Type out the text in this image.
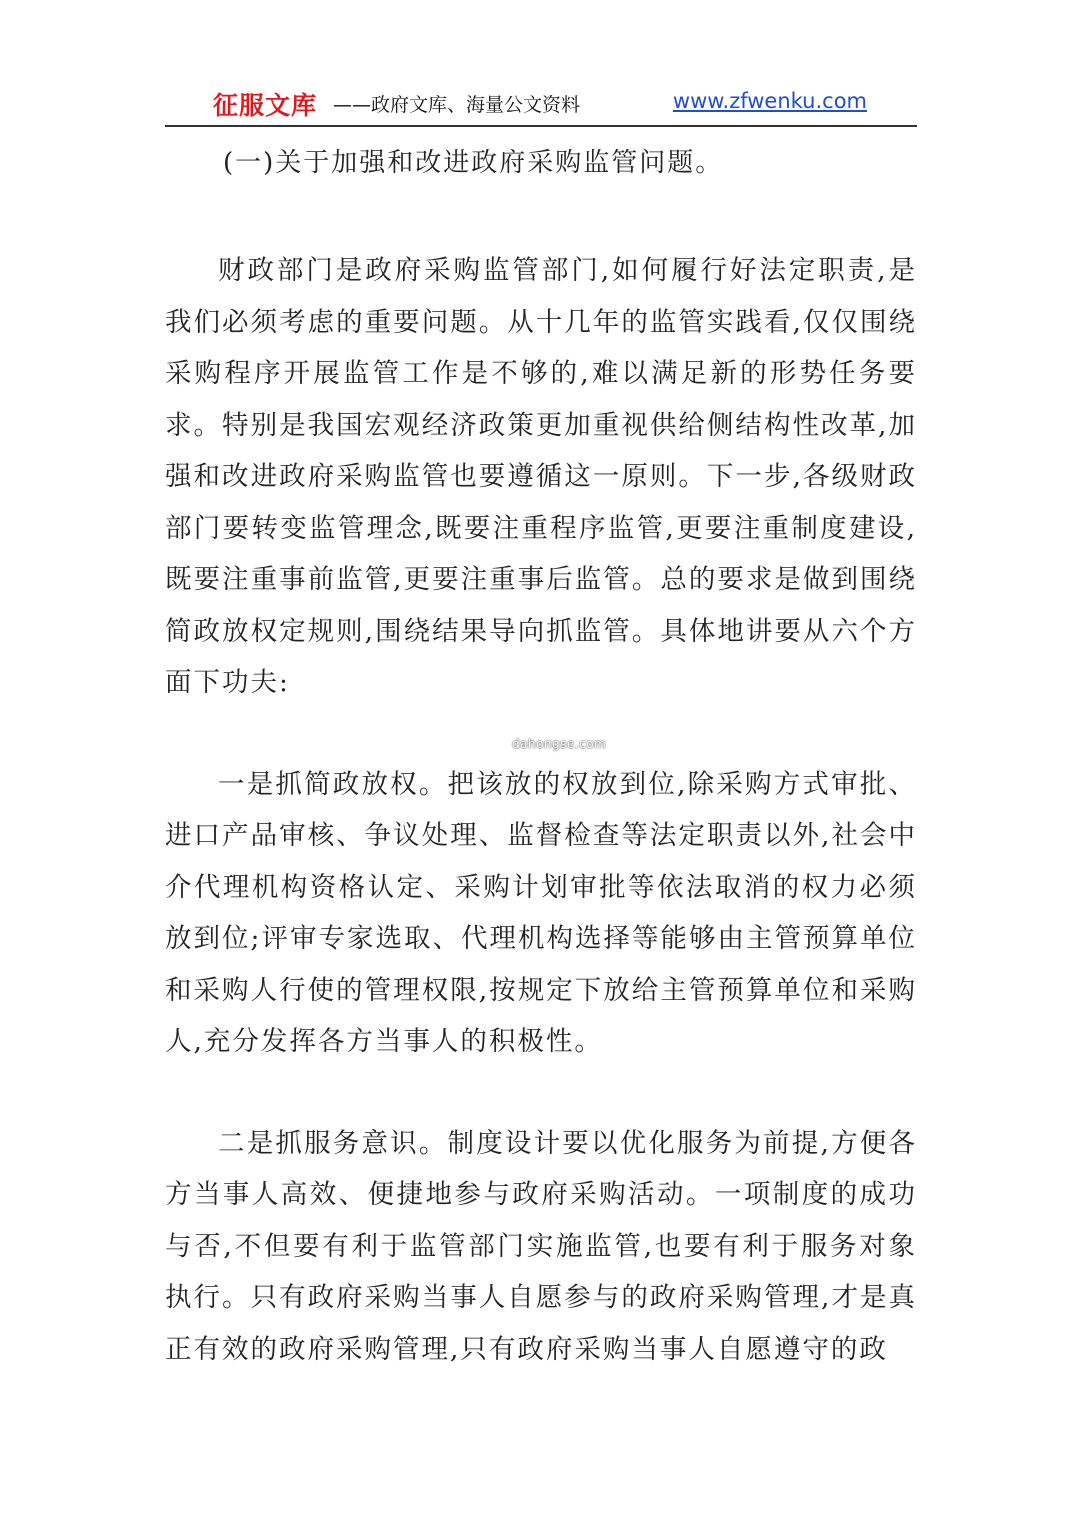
征服文库 ——政府文库、海量公文资料	www.zfwenku.com
(一)关于加强和改进政府采购监管问题。

财政部门是政府采购监管部门,如何履行好法定职责,是我们必须考虑的重要问题。从十几年的监管实践看,仅仅围绕采购程序开展监管工作是不够的,难以满足新的形势任务要求。特别是我国宏观经济政策更加重视供给侧结构性改革,加强和改进政府采购监管也要遵循这一原则。下一步,各级财政部门要转变监管理念,既要注重程序监管,更要注重制度建设,既要注重事前监管,更要注重事后监管。总的要求是做到围绕简政放权定规则,围绕结果导向抓监管。具体地讲要从六个方面下功夫:

一是抓简政放权。把该放的权放到位,除采购方式审批、进口产品审核、争议处理、监督检查等法定职责以外,社会中介代理机构资格认定、采购计划审批等依法取消的权力必须放到位;评审专家选取、代理机构选择等能够由主管预算单位和采购人行使的管理权限,按规定下放给主管预算单位和采购人,充分发挥各方当事人的积极性。

二是抓服务意识。制度设计要以优化服务为前提,方便各方当事人高效、便捷地参与政府采购活动。一项制度的成功与否,不但要有利于监管部门实施监管,也要有利于服务对象执行。只有政府采购当事人自愿参与的政府采购管理,才是真正有效的政府采购管理,只有政府采购当事人自愿遵守的政

dahongse.com
